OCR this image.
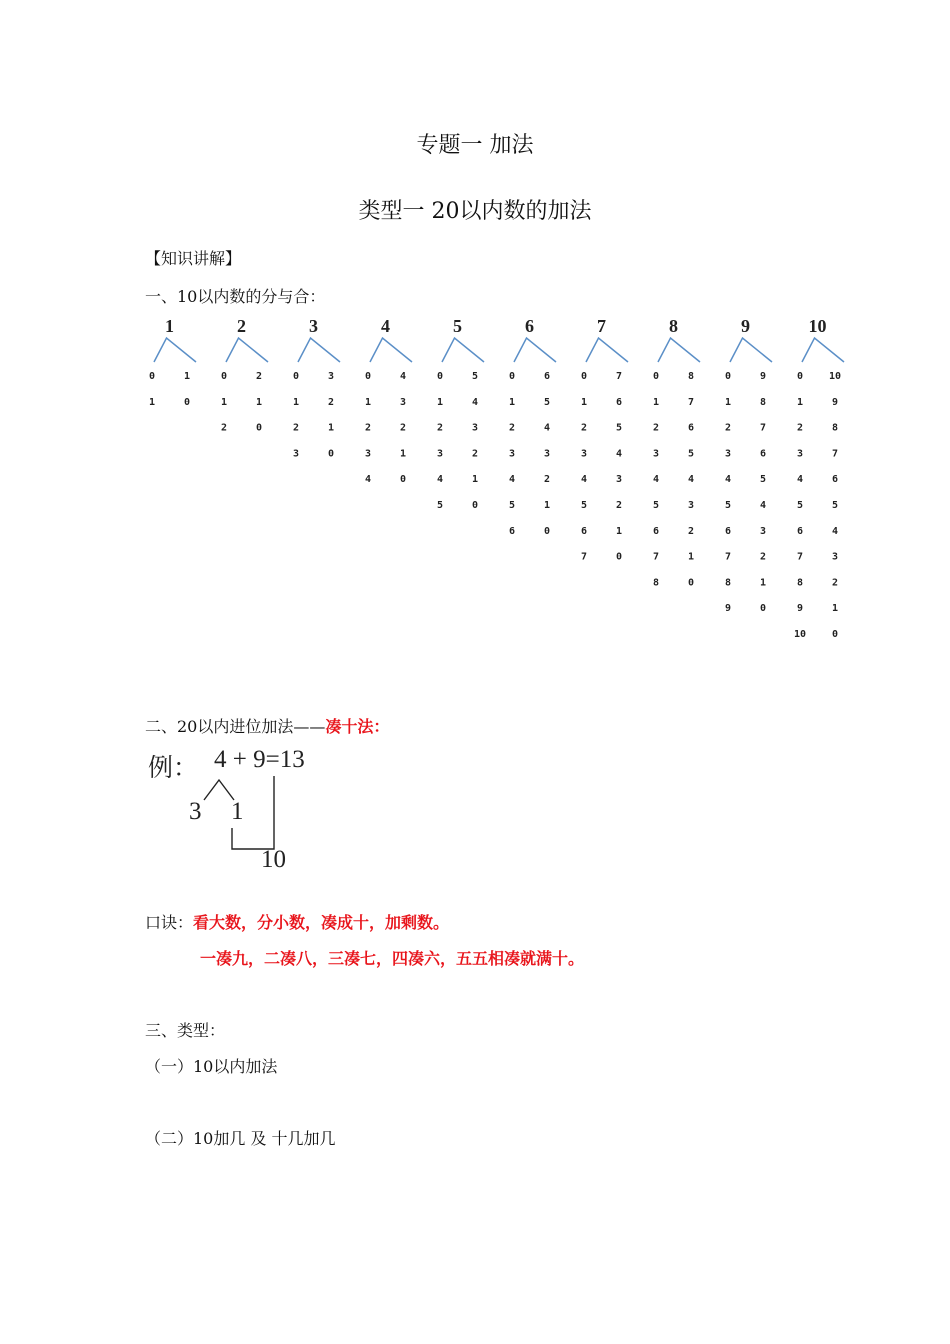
专题一 加法
类型一 20以内数的加法
【知识讲解】
一、10以内数的分与合：
1
0	1
1	0
2
0	2
1	1
2	0
3
0	3
1	2
2	1
3	0
4
0	4
1	3
2	2
3	1
4	0
5
0	5
1	4
2	3
3	2
4	1
5	0
6
0	6
1	5
2	4
3	3
4	2
5	1
6	0
7
0	7
1	6
2	5
3	4
4	3
5	2
6	1
7	0
8
0	8
1	7
2	6
3	5
4	4
5	3
6	2
7	1
8	0
9
0	9
1	8
2	7
3	6
4	5
5	4
6	3
7	2
8	1
9	0
10
0	10
1	9
2	8
3	7
4	6
5	5
6	4
7	3
8	2
9	1
10	0
二、20以内进位加法——凑十法：
例： 4 + 9=13
3 1
10
口诀：看大数，分小数，凑成十，加剩数。
一凑九，二凑八，三凑七，四凑六，五五相凑就满十。
三、类型：
（一）10以内加法
（二）10加几 及 十几加几
